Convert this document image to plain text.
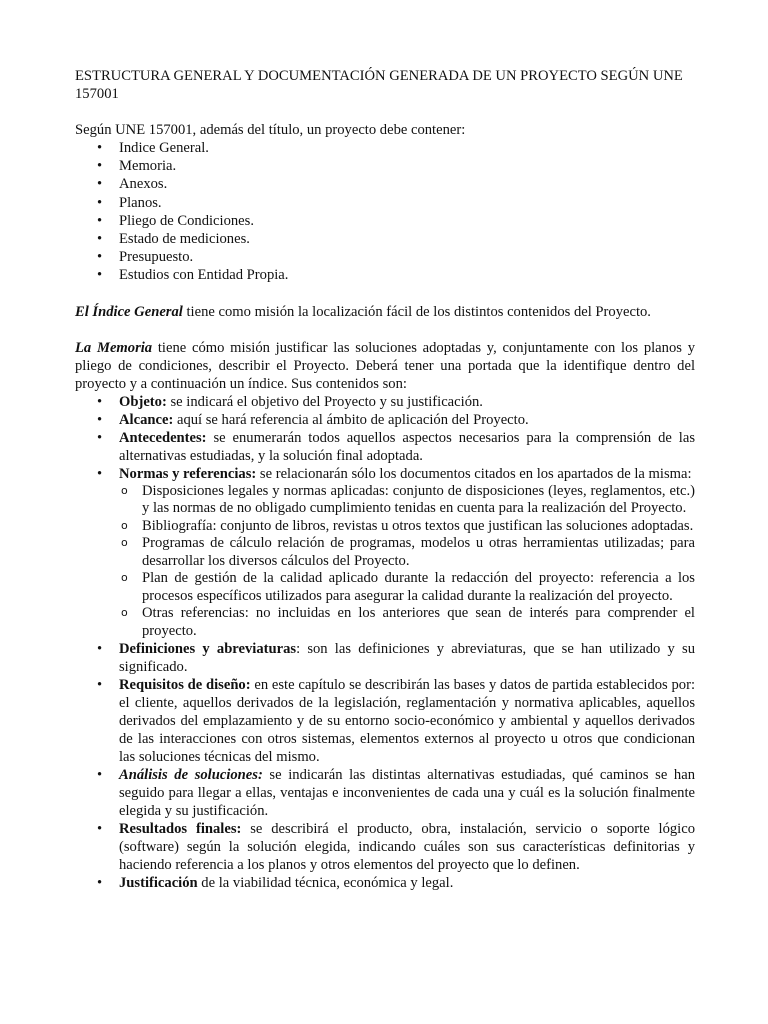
ESTRUCTURA GENERAL Y DOCUMENTACIÓN GENERADA DE UN PROYECTO SEGÚN UNE 157001

Según UNE 157001, además del título, un proyecto debe contener:

• Indice General.
• Memoria.
• Anexos.
• Planos.
• Pliego de Condiciones.
• Estado de mediciones.
• Presupuesto.
• Estudios con Entidad Propia.

El Índice General tiene como misión la localización fácil de los distintos contenidos del Proyecto.

La Memoria tiene cómo misión justificar las soluciones adoptadas y, conjuntamente con los planos y pliego de condiciones, describir el Proyecto. Deberá tener una portada que la identifique dentro del proyecto y a continuación un índice. Sus contenidos son:

• Objeto: se indicará el objetivo del Proyecto y su justificación.
• Alcance: aquí se hará referencia al ámbito de aplicación del Proyecto.
• Antecedentes: se enumerarán todos aquellos aspectos necesarios para la comprensión de las alternativas estudiadas, y la solución final adoptada.
• Normas y referencias: se relacionarán sólo los documentos citados en los apartados de la misma:
o Disposiciones legales y normas aplicadas: conjunto de disposiciones (leyes, reglamentos, etc.) y las normas de no obligado cumplimiento tenidas en cuenta para la realización del Proyecto.
o Bibliografía: conjunto de libros, revistas u otros textos que justifican las soluciones adoptadas.
o Programas de cálculo relación de programas, modelos u otras herramientas utilizadas; para desarrollar los diversos cálculos del Proyecto.
o Plan de gestión de la calidad aplicado durante la redacción del proyecto: referencia a los procesos específicos utilizados para asegurar la calidad durante la realización del proyecto.
o Otras referencias: no incluidas en los anteriores que sean de interés para comprender el proyecto.
• Definiciones y abreviaturas: son las definiciones y abreviaturas, que se han utilizado y su significado.
• Requisitos de diseño: en este capítulo se describirán las bases y datos de partida establecidos por: el cliente, aquellos derivados de la legislación, reglamentación y normativa aplicables, aquellos derivados del emplazamiento y de su entorno socio-económico y ambiental y aquellos derivados de las interacciones con otros sistemas, elementos externos al proyecto u otros que condicionan las soluciones técnicas del mismo.
• Análisis de soluciones: se indicarán las distintas alternativas estudiadas, qué caminos se han seguido para llegar a ellas, ventajas e inconvenientes de cada una y cuál es la solución finalmente elegida y su justificación.
• Resultados finales: se describirá el producto, obra, instalación, servicio o soporte lógico (software) según la solución elegida, indicando cuáles son sus características definitorias y haciendo referencia a los planos y otros elementos del proyecto que lo definen.
• Justificación de la viabilidad técnica, económica y legal.
